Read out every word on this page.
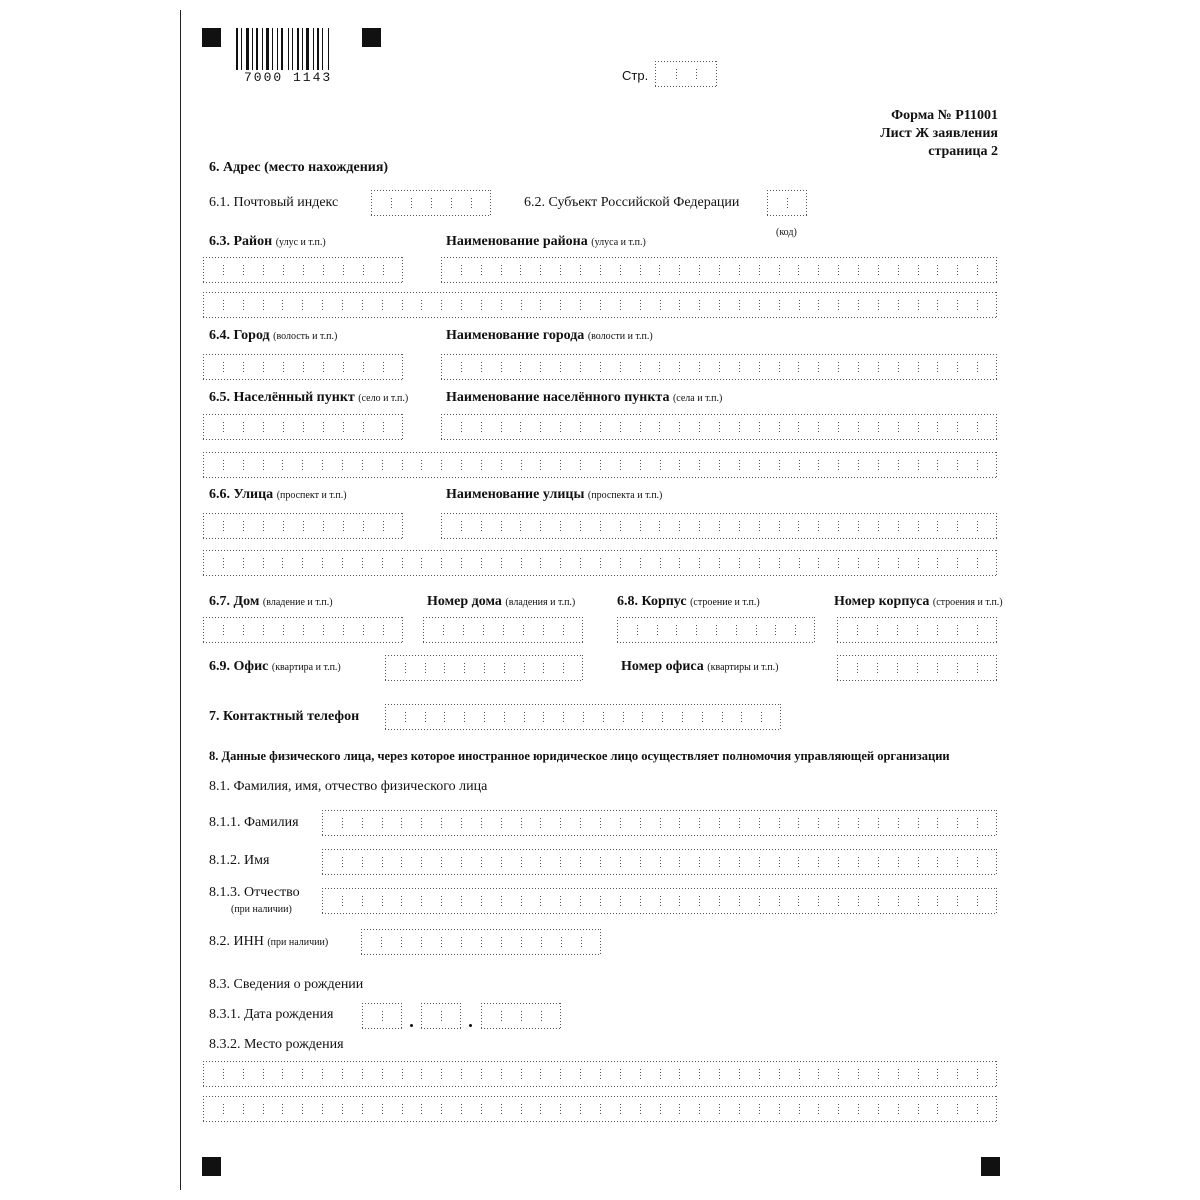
7000 1143	Стр.
Форма № Р11001
Лист Ж заявления
страница 2
6. Адрес (место нахождения)
6.1. Почтовый индекс	6.2. Субъект Российской Федерации
(код)
6.3. Район (улус и т.п.)	Наименование района (улуса и т.п.)
6.4. Город (волость и т.п.)	Наименование города (волости и т.п.)
6.5. Населённый пункт (село и т.п.)	Наименование населённого пункта (села и т.п.)
6.6. Улица (проспект и т.п.)	Наименование улицы (проспекта и т.п.)
6.7. Дом (владение и т.п.)	Номер дома (владения и т.п.)	6.8. Корпус (строение и т.п.)	Номер корпуса (строения и т.п.)
6.9. Офис (квартира и т.п.)	Номер офиса (квартиры и т.п.)
7. Контактный телефон
8. Данные физического лица, через которое иностранное юридическое лицо осуществляет полномочия управляющей организации
8.1. Фамилия, имя, отчество физического лица
8.1.1. Фамилия
8.1.2. Имя
8.1.3. Отчество
(при наличии)
8.2. ИНН (при наличии)
8.3. Сведения о рождении
8.3.1. Дата рождения
8.3.2. Место рождения
